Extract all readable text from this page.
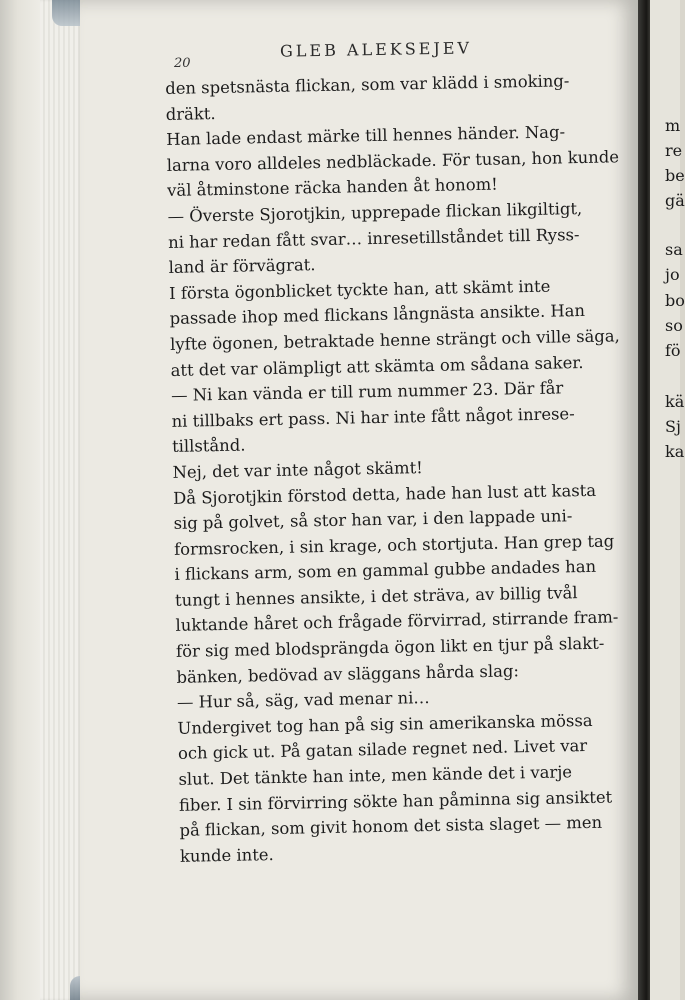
20
GLEB ALEKSEJEV
den spetsnästa flickan, som var klädd i smoking-
dräkt.
Han lade endast märke till hennes händer. Nag-
larna voro alldeles nedbläckade. För tusan, hon kunde
väl åtminstone räcka handen åt honom!
— Överste Sjorotjkin, upprepade flickan likgiltigt,
ni har redan fått svar… inresetillståndet till Ryss-
land är förvägrat.
I första ögonblicket tyckte han, att skämt inte
passade ihop med flickans långnästa ansikte. Han
lyfte ögonen, betraktade henne strängt och ville säga,
att det var olämpligt att skämta om sådana saker.
— Ni kan vända er till rum nummer 23. Där får
ni tillbaks ert pass. Ni har inte fått något inrese-
tillstånd.
Nej, det var inte något skämt!
Då Sjorotjkin förstod detta, hade han lust att kasta
sig på golvet, så stor han var, i den lappade uni-
formsrocken, i sin krage, och stortjuta. Han grep tag
i flickans arm, som en gammal gubbe andades han
tungt i hennes ansikte, i det sträva, av billig tvål
luktande håret och frågade förvirrad, stirrande fram-
för sig med blodsprängda ögon likt en tjur på slakt-
bänken, bedövad av släggans hårda slag:
— Hur så, säg, vad menar ni…
Undergivet tog han på sig sin amerikanska mössa
och gick ut. På gatan silade regnet ned. Livet var
slut. Det tänkte han inte, men kände det i varje
fiber. I sin förvirring sökte han påminna sig ansiktet
på flickan, som givit honom det sista slaget — men
kunde inte.
m
re
be
gä
sa
jo
bo
so
fö
kä
Sj
ka
